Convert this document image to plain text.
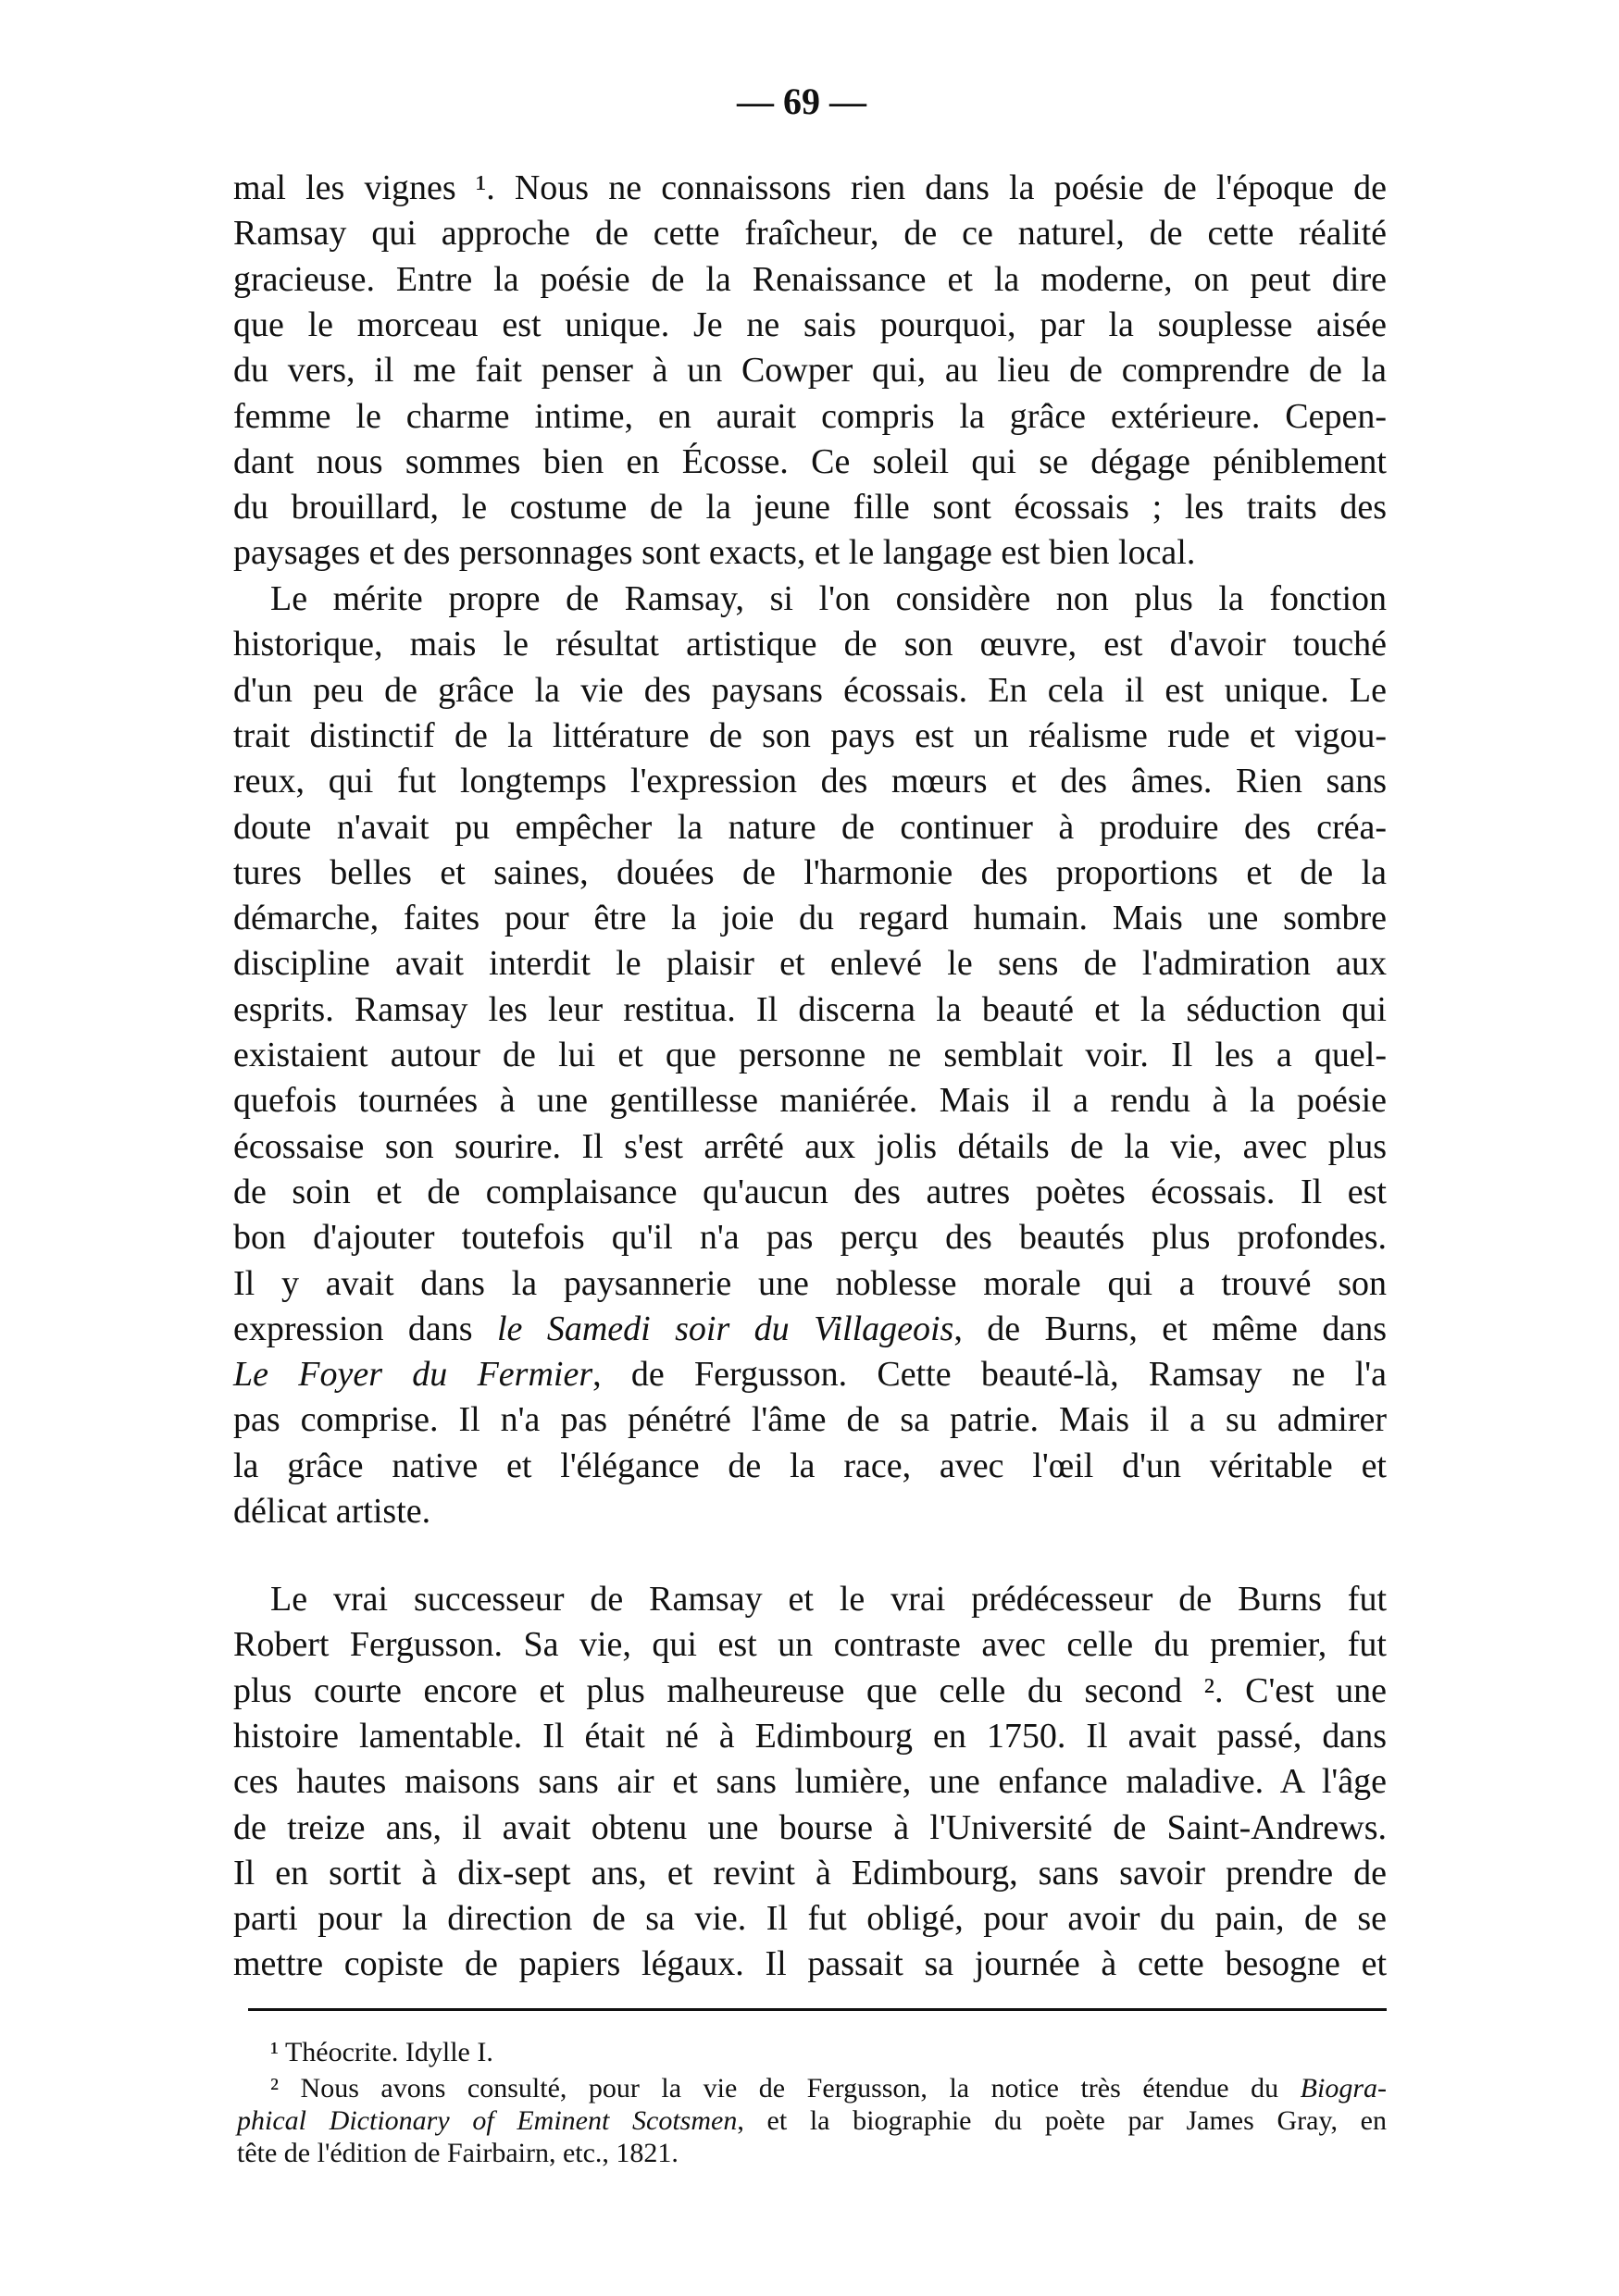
— 69 —
mal les vignes ¹. Nous ne connaissons rien dans la poésie de l'époque de
Ramsay qui approche de cette fraîcheur, de ce naturel, de cette réalité
gracieuse. Entre la poésie de la Renaissance et la moderne, on peut dire
que le morceau est unique. Je ne sais pourquoi, par la souplesse aisée
du vers, il me fait penser à un Cowper qui, au lieu de comprendre de la
femme le charme intime, en aurait compris la grâce extérieure. Cepen-
dant nous sommes bien en Écosse. Ce soleil qui se dégage péniblement
du brouillard, le costume de la jeune fille sont écossais ; les traits des
paysages et des personnages sont exacts, et le langage est bien local.
Le mérite propre de Ramsay, si l'on considère non plus la fonction
historique, mais le résultat artistique de son œuvre, est d'avoir touché
d'un peu de grâce la vie des paysans écossais. En cela il est unique. Le
trait distinctif de la littérature de son pays est un réalisme rude et vigou-
reux, qui fut longtemps l'expression des mœurs et des âmes. Rien sans
doute n'avait pu empêcher la nature de continuer à produire des créa-
tures belles et saines, douées de l'harmonie des proportions et de la
démarche, faites pour être la joie du regard humain. Mais une sombre
discipline avait interdit le plaisir et enlevé le sens de l'admiration aux
esprits. Ramsay les leur restitua. Il discerna la beauté et la séduction qui
existaient autour de lui et que personne ne semblait voir. Il les a quel-
quefois tournées à une gentillesse maniérée. Mais il a rendu à la poésie
écossaise son sourire. Il s'est arrêté aux jolis détails de la vie, avec plus
de soin et de complaisance qu'aucun des autres poètes écossais. Il est
bon d'ajouter toutefois qu'il n'a pas perçu des beautés plus profondes.
Il y avait dans la paysannerie une noblesse morale qui a trouvé son
expression dans le Samedi soir du Villageois, de Burns, et même dans
Le Foyer du Fermier, de Fergusson. Cette beauté-là, Ramsay ne l'a
pas comprise. Il n'a pas pénétré l'âme de sa patrie. Mais il a su admirer
la grâce native et l'élégance de la race, avec l'œil d'un véritable et
délicat artiste.
Le vrai successeur de Ramsay et le vrai prédécesseur de Burns fut
Robert Fergusson. Sa vie, qui est un contraste avec celle du premier, fut
plus courte encore et plus malheureuse que celle du second ². C'est une
histoire lamentable. Il était né à Edimbourg en 1750. Il avait passé, dans
ces hautes maisons sans air et sans lumière, une enfance maladive. A l'âge
de treize ans, il avait obtenu une bourse à l'Université de Saint-Andrews.
Il en sortit à dix-sept ans, et revint à Edimbourg, sans savoir prendre de
parti pour la direction de sa vie. Il fut obligé, pour avoir du pain, de se
mettre copiste de papiers légaux. Il passait sa journée à cette besogne et
¹ Théocrite. Idylle I.
² Nous avons consulté, pour la vie de Fergusson, la notice très étendue du Biogra-
phical Dictionary of Eminent Scotsmen, et la biographie du poète par James Gray, en
tête de l'édition de Fairbairn, etc., 1821.
